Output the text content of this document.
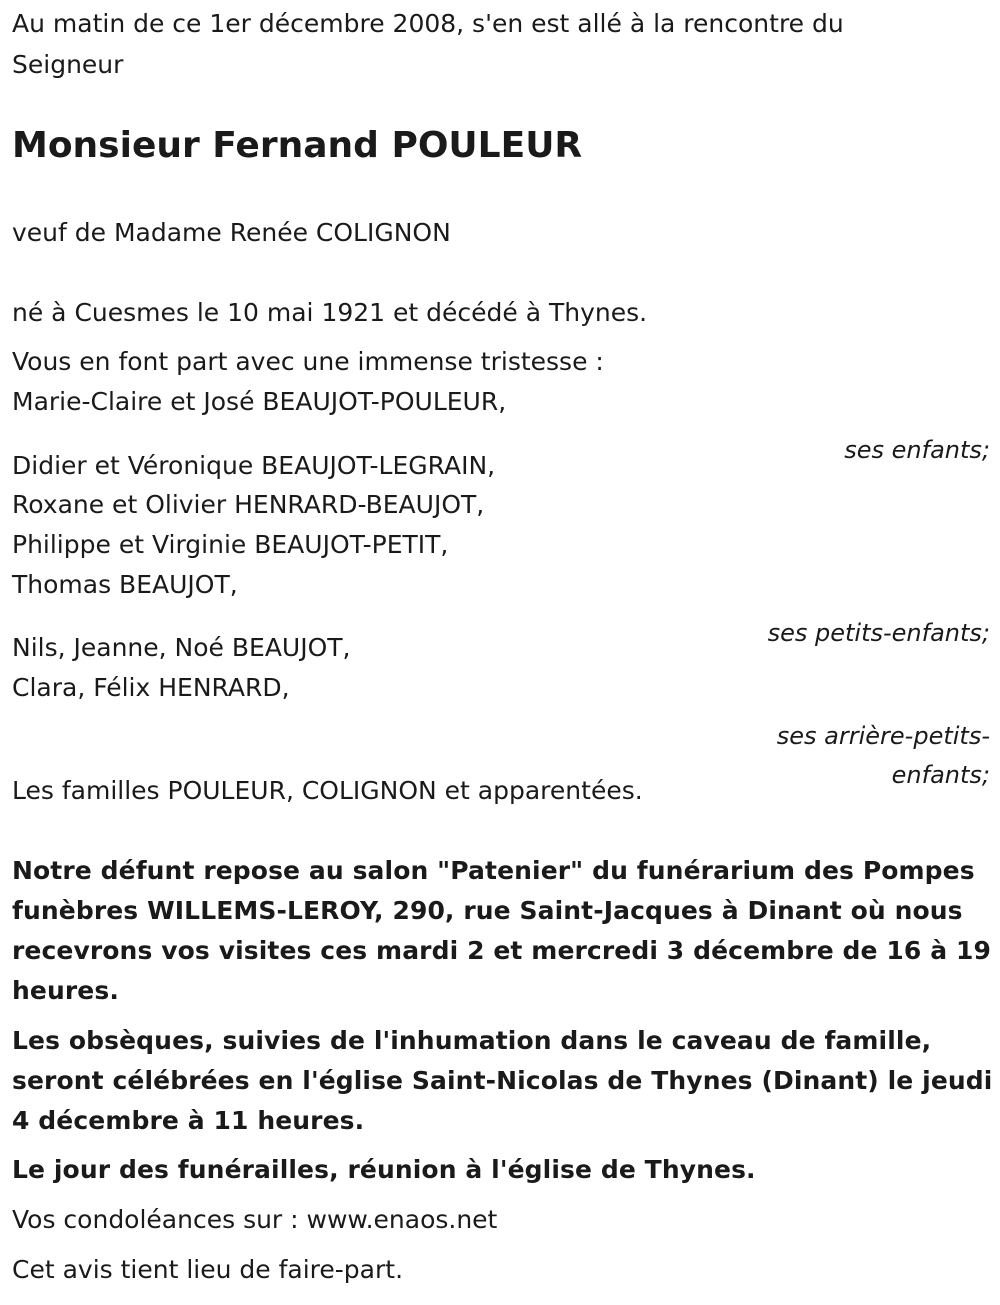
Au matin de ce 1er décembre 2008, s'en est allé à la rencontre du

Seigneur

Monsieur Fernand POULEUR

veuf de Madame Renée COLIGNON

né à Cuesmes le 10 mai 1921 et décédé à Thynes.

Vous en font part avec une immense tristesse :

Marie-Claire et José BEAUJOT-POULEUR,

ses enfants;

Didier et Véronique BEAUJOT-LEGRAIN,

Roxane et Olivier HENRARD-BEAUJOT,

Philippe et Virginie BEAUJOT-PETIT,

Thomas BEAUJOT,

ses petits-enfants;

Nils, Jeanne, Noé BEAUJOT,

Clara, Félix HENRARD,

ses arrière-petits-

enfants;

Les familles POULEUR, COLIGNON et apparentées.

Notre défunt repose au salon "Patenier" du funérarium des Pompes

funèbres WILLEMS-LEROY, 290, rue Saint-Jacques à Dinant où nous

recevrons vos visites ces mardi 2 et mercredi 3 décembre de 16 à 19

heures.

Les obsèques, suivies de l'inhumation dans le caveau de famille,

seront célébrées en l'église Saint-Nicolas de Thynes (Dinant) le jeudi

4 décembre à 11 heures.

Le jour des funérailles, réunion à l'église de Thynes.

Vos condoléances sur : www.enaos.net

Cet avis tient lieu de faire-part.
